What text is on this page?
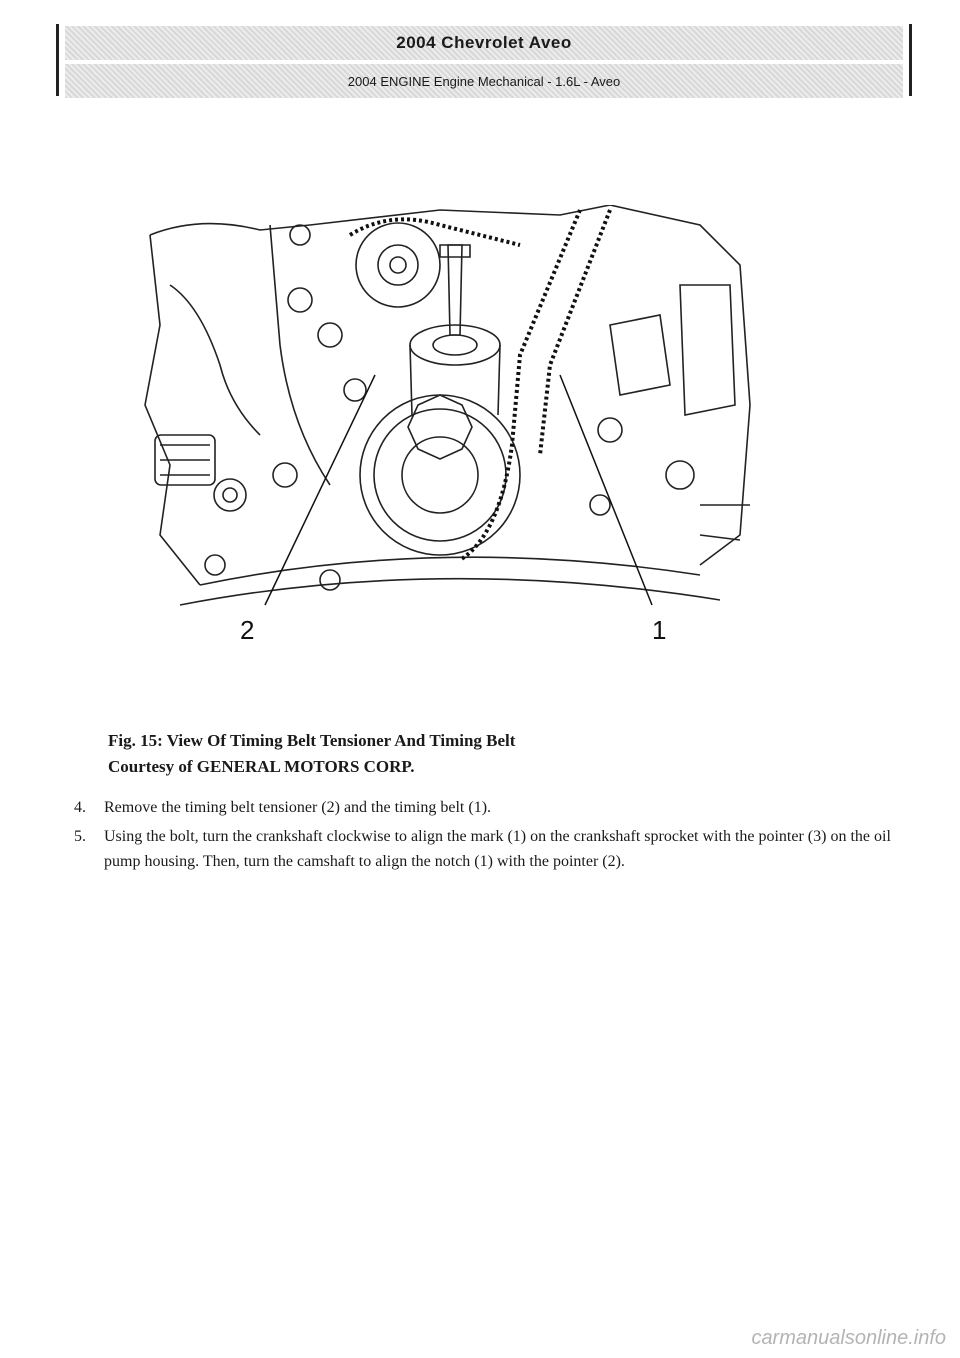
2004 Chevrolet Aveo
2004 ENGINE Engine Mechanical - 1.6L - Aveo
2	1
Fig. 15: View Of Timing Belt Tensioner And Timing Belt
Courtesy of GENERAL MOTORS CORP.
4.	Remove the timing belt tensioner (2) and the timing belt (1).
5.	Using the bolt, turn the crankshaft clockwise to align the mark (1) on the crankshaft sprocket with the pointer (3) on the oil pump housing. Then, turn the camshaft to align the notch (1) with the pointer (2).
carmanualsonline.info
